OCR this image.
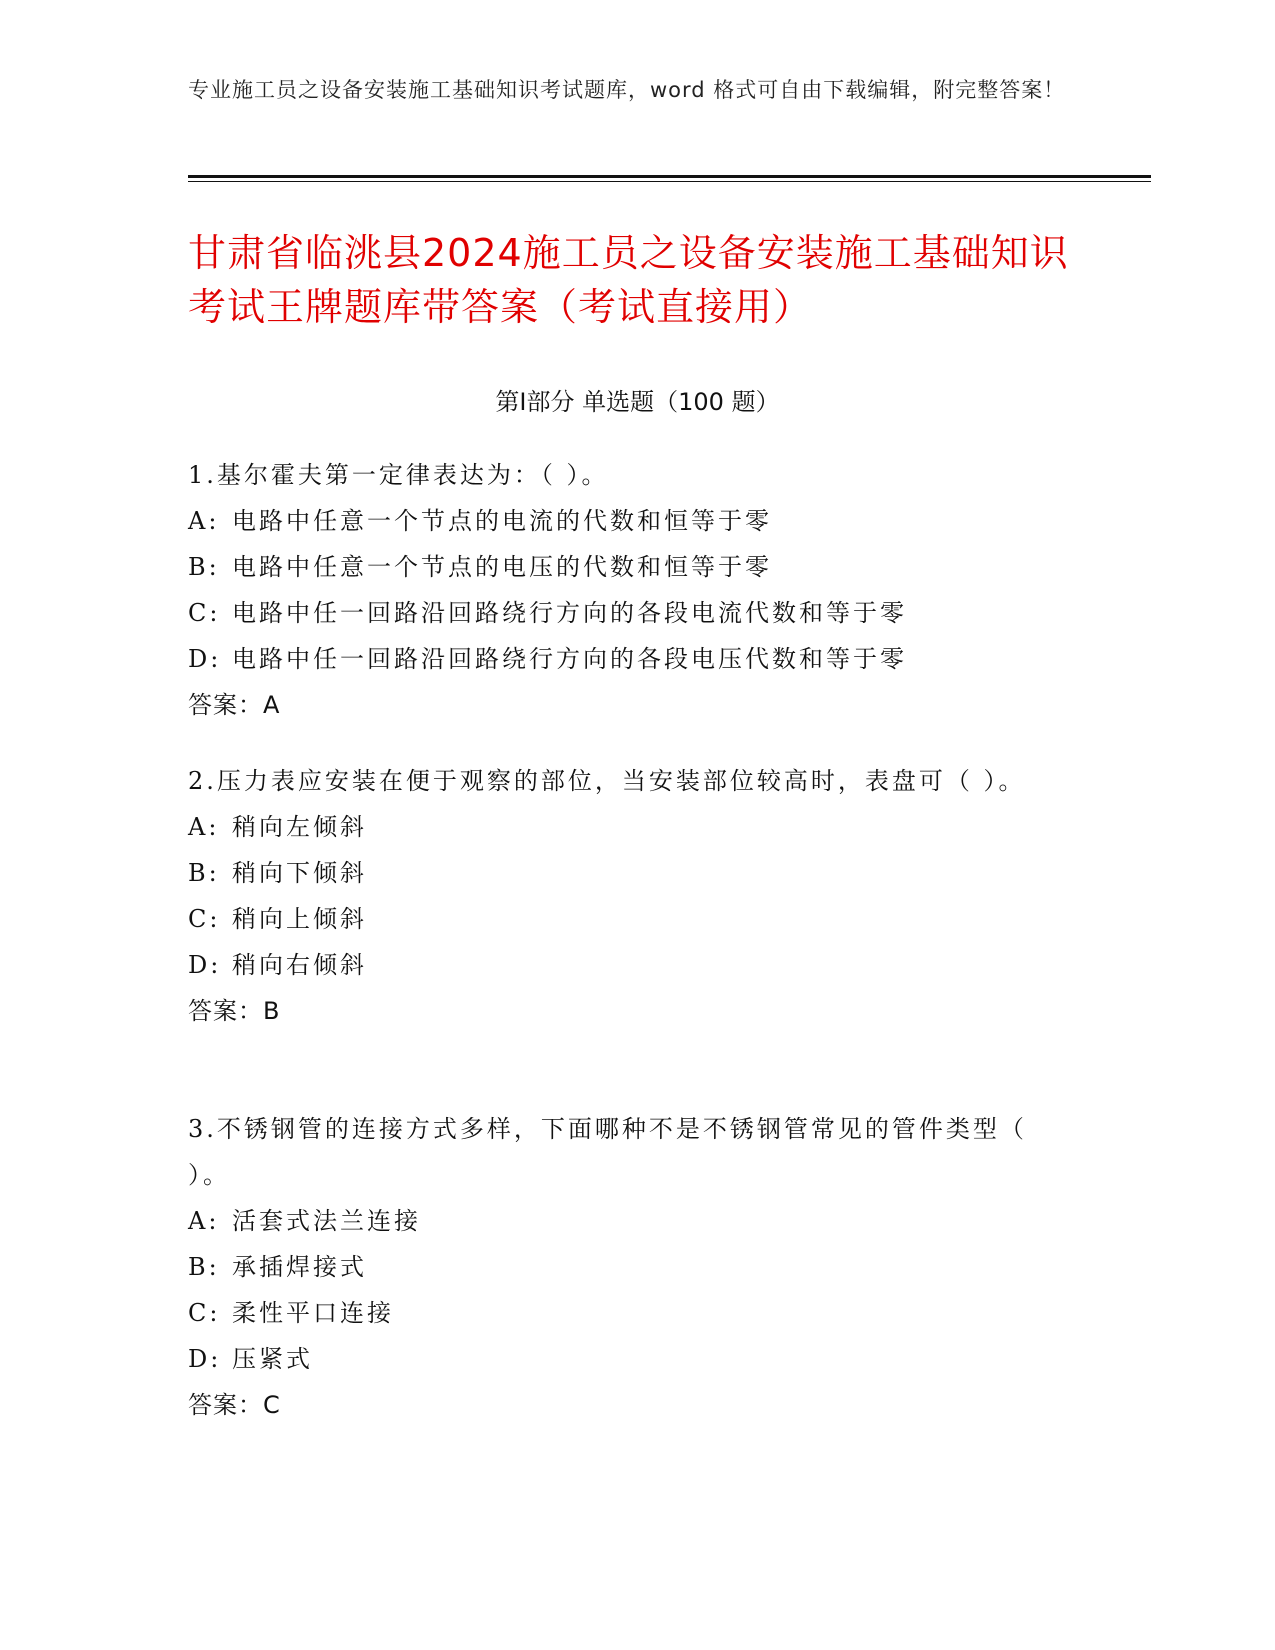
专业施工员之设备安装施工基础知识考试题库，word 格式可自由下载编辑，附完整答案！
甘肃省临洮县2024施工员之设备安装施工基础知识考试王牌题库带答案（考试直接用）
第Ⅰ部分 单选题（100 题）
1.基尔霍夫第一定律表达为：（ ）。
A: 电路中任意一个节点的电流的代数和恒等于零
B: 电路中任意一个节点的电压的代数和恒等于零
C: 电路中任一回路沿回路绕行方向的各段电流代数和等于零
D: 电路中任一回路沿回路绕行方向的各段电压代数和等于零
答案：A
2.压力表应安装在便于观察的部位，当安装部位较高时，表盘可（ ）。
A: 稍向左倾斜
B: 稍向下倾斜
C: 稍向上倾斜
D: 稍向右倾斜
答案：B
3.不锈钢管的连接方式多样，下面哪种不是不锈钢管常见的管件类型（ ）。
A: 活套式法兰连接
B: 承插焊接式
C: 柔性平口连接
D: 压紧式
答案：C
